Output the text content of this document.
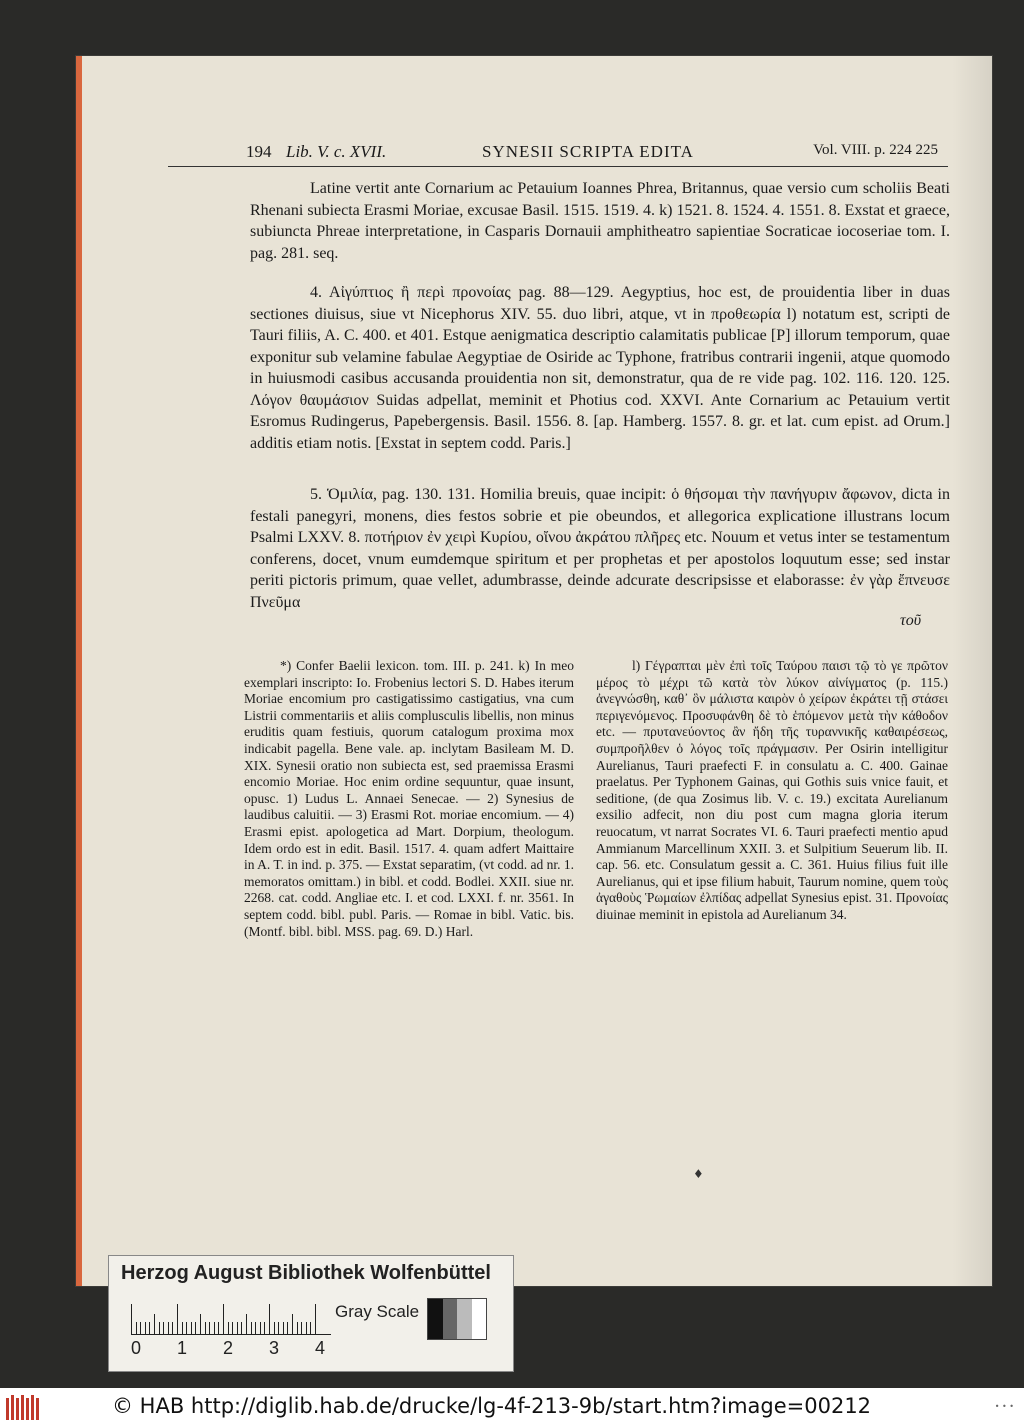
194 Lib. V. c. XVII.	SYNESII SCRIPTA EDITA	Vol. VIII. p. 224 225

Latine vertit ante Cornarium ac Petauium Ioannes Phrea, Britannus, quae versio cum scholiis Beati Rhenani subiecta Erasmi Moriae, excusae Basil. 1515. 1519. 4. k) 1521. 8. 1524. 4. 1551. 8. Exstat et graece, subiuncta Phreae interpretatione, in Casparis Dornauii amphitheatro sapientiae Socraticae iocoseriae tom. I. pag. 281. seq.

4. Αἰγύπτιος ἢ περὶ προνοίας pag. 88—129. Aegyptius, hoc est, de prouidentia liber in duas sectiones diuisus, siue vt Nicephorus XIV. 55. duo libri, atque, vt in προθεωρία l) notatum est, scripti de Tauri filiis, A. C. 400. et 401. Estque aenigmatica descriptio calamitatis publicae [P] illorum temporum, quae exponitur sub velamine fabulae Aegyptiae de Osiride ac Typhone, fratribus contrarii ingenii, atque quomodo in huiusmodi casibus accusanda prouidentia non sit, demonstratur, qua de re vide pag. 102. 116. 120. 125. Λόγον θαυμάσιον Suidas adpellat, meminit et Photius cod. XXVI. Ante Cornarium ac Petauium vertit Esromus Rudingerus, Papebergensis. Basil. 1556. 8. [ap. Hamberg. 1557. 8. gr. et lat. cum epist. ad Orum.] additis etiam notis. [Exstat in septem codd. Paris.]

5. Ὁμιλία, pag. 130. 131. Homilia breuis, quae incipit: ὁ θήσομαι τὴν πανήγυριν ἄφωνον, dicta in festali panegyri, monens, dies festos sobrie et pie obeundos, et allegorica explicatione illustrans locum Psalmi LXXV. 8. ποτήριον ἐν χειρὶ Κυρίου, οἴνου ἀκράτου πλῆρες etc. Nouum et vetus inter se testamentum conferens, docet, vnum eumdemque spiritum et per prophetas et per apostolos loquutum esse; sed instar periti pictoris primum, quae vellet, adumbrasse, deinde adcurate descripsisse et elaborasse: ἐν γὰρ ἔπνευσε Πνεῦμα

τοῦ

*) Confer Baelii lexicon. tom. III. p. 241. k) In meo exemplari inscripto: Io. Frobenius lectori S. D. Habes iterum Moriae encomium pro castigatissimo castigatius, vna cum Listrii commentariis et aliis complusculis libellis, non minus eruditis quam festiuis, quorum catalogum proxima mox indicabit pagella. Bene vale. ap. inclytam Basileam M. D. XIX. Synesii oratio non subiecta est, sed praemissa Erasmi encomio Moriae. Hoc enim ordine sequuntur, quae insunt, opusc. 1) Ludus L. Annaei Senecae. — 2) Synesius de laudibus caluitii. — 3) Erasmi Rot. moriae encomium. — 4) Erasmi epist. apologetica ad Mart. Dorpium, theologum. Idem ordo est in edit. Basil. 1517. 4. quam adfert Maittaire in A. T. in ind. p. 375. — Exstat separatim, (vt codd. ad nr. 1. memoratos omittam.) in bibl. et codd. Bodlei. XXII. siue nr. 2268. cat. codd. Angliae etc. I. et cod. LXXI. f. nr. 3561. In septem codd. bibl. publ. Paris. — Romae in bibl. Vatic. bis. (Montf. bibl. bibl. MSS. pag. 69. D.) Harl.

l) Γέγραπται μὲν ἐπὶ τοῖς Ταύρου παισι τῷ τὸ γε πρῶτον μέρος τὸ μέχρι τῶ κατὰ τὸν λύκον αἰνίγματος (p. 115.) ἀνεγνώσθη, καθ᾽ ὃν μάλιστα καιρὸν ὁ χείρων ἐκράτει τῇ στάσει περιγενόμενος. Προσυφάνθη δὲ τὸ ἑπόμενον μετὰ τὴν κάθοδον etc. — πρυτανεύοντος ἂν ἤδη τῆς τυραννικῆς καθαιρέσεως, συμπροῆλθεν ὁ λόγος τοῖς πράγμασιν. Per Osirin intelligitur Aurelianus, Tauri praefecti F. in consulatu a. C. 400. Gainae praelatus. Per Typhonem Gainas, qui Gothis suis vnice fauit, et seditione, (de qua Zosimus lib. V. c. 19.) excitata Aurelianum exsilio adfecit, non diu post cum magna gloria iterum reuocatum, vt narrat Socrates VI. 6. Tauri praefecti mentio apud Ammianum Marcellinum XXII. 3. et Sulpitium Seuerum lib. II. cap. 56. etc. Consulatum gessit a. C. 361. Huius filius fuit ille Aurelianus, qui et ipse filium habuit, Taurum nomine, quem τοὺς ἀγαθοὺς Ῥωμαίων ἐλπίδας adpellat Synesius epist. 31. Προνοίας diuinae meminit in epistola ad Aurelianum 34.

♦
Herzog August Bibliothek Wolfenbüttel
0 1 2 3 4
Gray Scale
© HAB http://diglib.hab.de/drucke/lg-4f-213-9b/start.htm?image=00212	• • •
